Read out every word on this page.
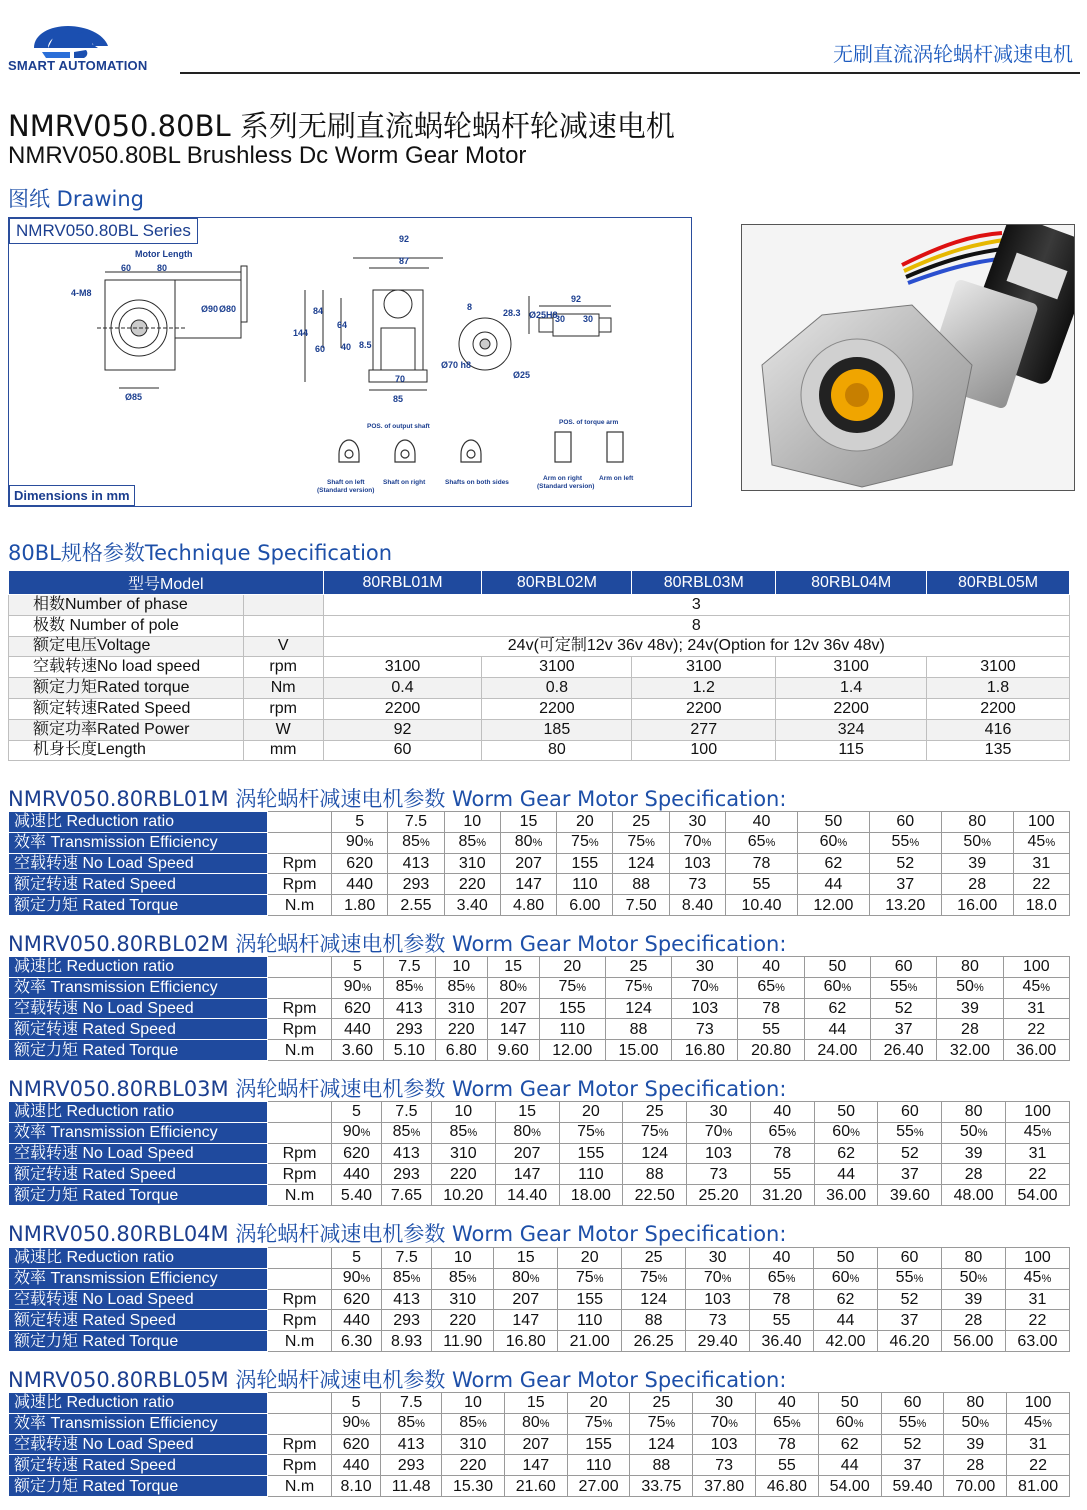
SMART AUTOMATION	无刷直流涡轮蜗杆减速电机
NMRV050.80BL 系列无刷直流蜗轮蜗杆轮减速电机
NMRV050.80BL Brushless Dc Worm Gear Motor
图纸 Drawing
Motor Length
60	80
4-M8
Ø90 Ø80
Ø85
92
87
144
84
60
64
40 8.5
70
85
Ø70 h8
8
28.3 Ø25H8
92
30 30
Ø25
POS. of output shaft
POS. of torque arm
Shaft on left
(Standard version)
Shaft on right	Shafts on both sides
Arm on right
(Standard version)
Arm on left
NMRV050.80BL Series
Dimensions in mm
80BL规格参数Technique Specification
型号Model		80RBL01M	80RBL02M	80RBL03M	80RBL04M	80RBL05M
相数Number of phase		3				
极数 Number of pole		8				
额定电压Voltage	V	24v(可定制12v 36v 48v); 24v(Option for 12v 36v 48v)				
空载转速No load speed	rpm	3100	3100	3100	3100	3100
额定力矩Rated torque	Nm	0.4	0.8	1.2	1.4	1.8
额定转速Rated Speed	rpm	2200	2200	2200	2200	2200
额定功率Rated Power	W	92	185	277	324	416
机身长度Length	mm	60	80	100	115	135
NMRV050.80RBL01M 涡轮蜗杆减速电机参数 Worm Gear Motor Specification:
减速比 Reduction ratio		5	7.5	10	15	20	25	30	40	50	60	80	100
效率 Transmission Efficiency		90%	85%	85%	80%	75%	75%	70%	65%	60%	55%	50%	45%
空载转速 No Load Speed	Rpm	620	413	310	207	155	124	103	78	62	52	39	31
额定转速 Rated Speed	Rpm	440	293	220	147	110	88	73	55	44	37	28	22
额定力矩 Rated Torque	N.m	1.80	2.55	3.40	4.80	6.00	7.50	8.40	10.40	12.00	13.20	16.00	18.0
NMRV050.80RBL02M 涡轮蜗杆减速电机参数 Worm Gear Motor Specification:
减速比 Reduction ratio		5	7.5	10	15	20	25	30	40	50	60	80	100
效率 Transmission Efficiency		90%	85%	85%	80%	75%	75%	70%	65%	60%	55%	50%	45%
空载转速 No Load Speed	Rpm	620	413	310	207	155	124	103	78	62	52	39	31
额定转速 Rated Speed	Rpm	440	293	220	147	110	88	73	55	44	37	28	22
额定力矩 Rated Torque	N.m	3.60	5.10	6.80	9.60	12.00	15.00	16.80	20.80	24.00	26.40	32.00	36.00
NMRV050.80RBL03M 涡轮蜗杆减速电机参数 Worm Gear Motor Specification:
减速比 Reduction ratio		5	7.5	10	15	20	25	30	40	50	60	80	100
效率 Transmission Efficiency		90%	85%	85%	80%	75%	75%	70%	65%	60%	55%	50%	45%
空载转速 No Load Speed	Rpm	620	413	310	207	155	124	103	78	62	52	39	31
额定转速 Rated Speed	Rpm	440	293	220	147	110	88	73	55	44	37	28	22
额定力矩 Rated Torque	N.m	5.40	7.65	10.20	14.40	18.00	22.50	25.20	31.20	36.00	39.60	48.00	54.00
NMRV050.80RBL04M 涡轮蜗杆减速电机参数 Worm Gear Motor Specification:
减速比 Reduction ratio		5	7.5	10	15	20	25	30	40	50	60	80	100
效率 Transmission Efficiency		90%	85%	85%	80%	75%	75%	70%	65%	60%	55%	50%	45%
空载转速 No Load Speed	Rpm	620	413	310	207	155	124	103	78	62	52	39	31
额定转速 Rated Speed	Rpm	440	293	220	147	110	88	73	55	44	37	28	22
额定力矩 Rated Torque	N.m	6.30	8.93	11.90	16.80	21.00	26.25	29.40	36.40	42.00	46.20	56.00	63.00
NMRV050.80RBL05M 涡轮蜗杆减速电机参数 Worm Gear Motor Specification:
减速比 Reduction ratio		5	7.5	10	15	20	25	30	40	50	60	80	100
效率 Transmission Efficiency		90%	85%	85%	80%	75%	75%	70%	65%	60%	55%	50%	45%
空载转速 No Load Speed	Rpm	620	413	310	207	155	124	103	78	62	52	39	31
额定转速 Rated Speed	Rpm	440	293	220	147	110	88	73	55	44	37	28	22
额定力矩 Rated Torque	N.m	8.10	11.48	15.30	21.60	27.00	33.75	37.80	46.80	54.00	59.40	70.00	81.00
